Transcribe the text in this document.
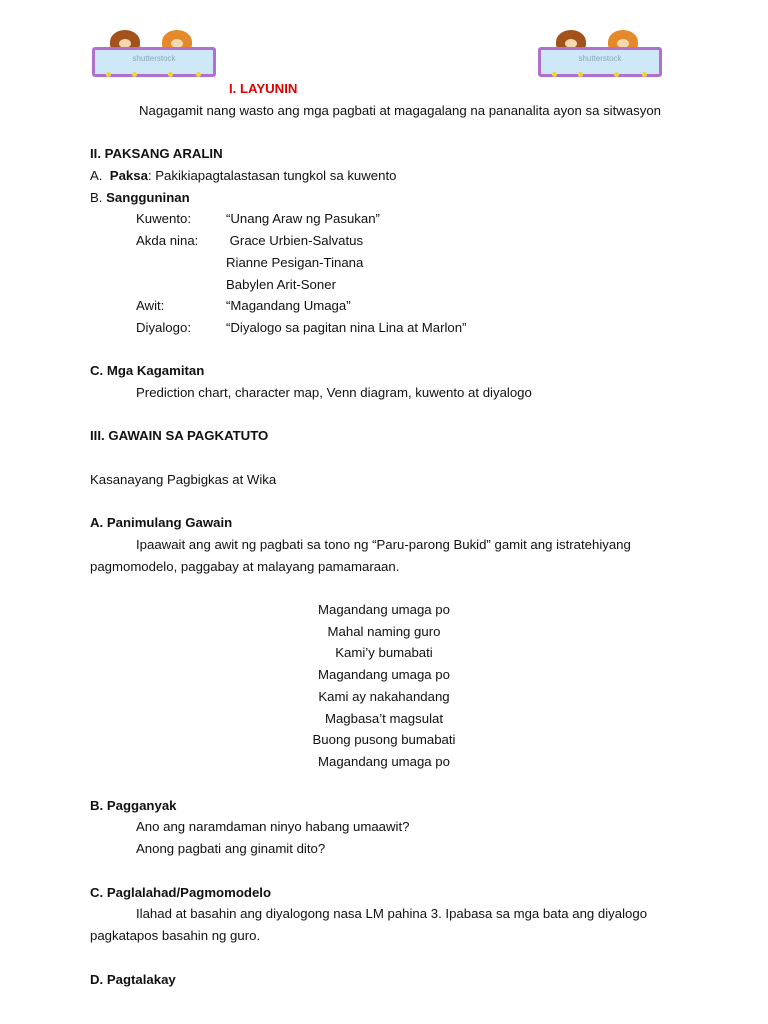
shutterstock	shutterstock
I. LAYUNIN
Nagagamit nang wasto ang mga pagbati at magagalang na pananalita ayon sa sitwasyon
II. PAKSANG ARALIN
A. Paksa: Pakikiapagtalastasan tungkol sa kuwento
B. Sangguninan
Kuwento:	“Unang Araw ng Pasukan”
Akda nina: Grace Urbien-Salvatus
Rianne Pesigan-Tinana
Babylen Arit-Soner
Awit:	“Magandang Umaga”
Diyalogo:	“Diyalogo sa pagitan nina Lina at Marlon”
C. Mga Kagamitan
Prediction chart, character map, Venn diagram, kuwento at diyalogo
III. GAWAIN SA PAGKATUTO
Kasanayang Pagbigkas at Wika
A. Panimulang Gawain
Ipaawait ang awit ng pagbati sa tono ng “Paru-parong Bukid” gamit ang istratehiyang
pagmomodelo, paggabay at malayang pamamaraan.
Magandang umaga po
Mahal naming guro
Kami’y bumabati
Magandang umaga po
Kami ay nakahandang
Magbasa’t magsulat
Buong pusong bumabati
Magandang umaga po
B. Pagganyak
Ano ang naramdaman ninyo habang umaawit?
Anong pagbati ang ginamit dito?
C. Paglalahad/Pagmomodelo
Ilahad at basahin ang diyalogong nasa LM pahina 3. Ipabasa sa mga bata ang diyalogo
pagkatapos basahin ng guro.
D. Pagtalakay
